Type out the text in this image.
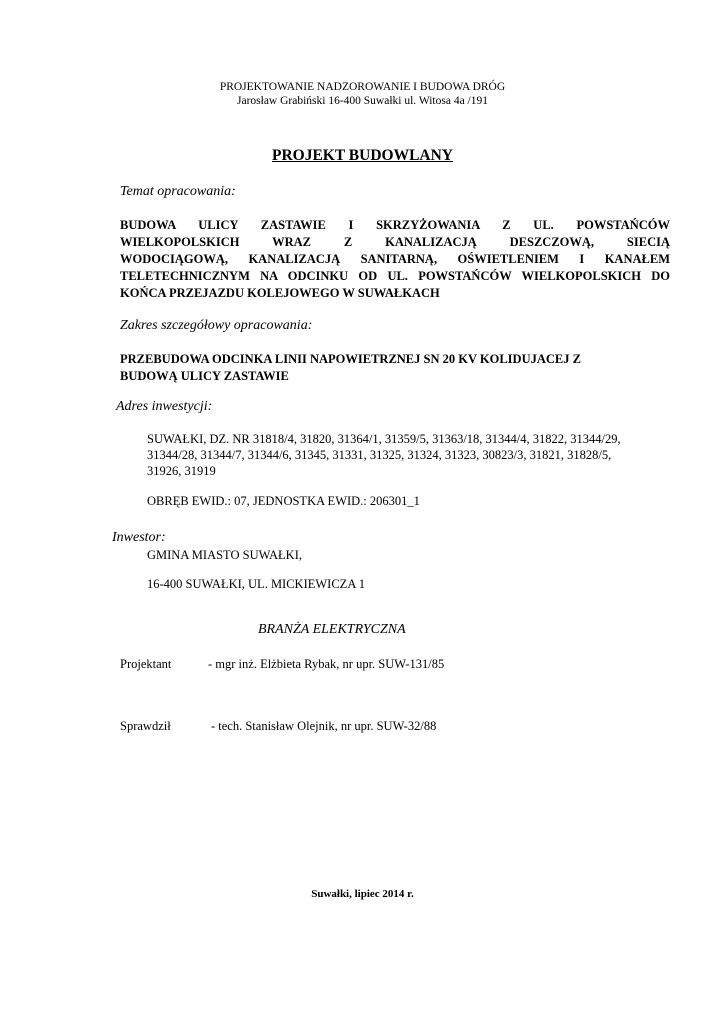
PROJEKTOWANIE NADZOROWANIE I BUDOWA DRÓG
Jarosław Grabiński 16-400 Suwałki ul. Witosa 4a /191
PROJEKT BUDOWLANY
Temat opracowania:
BUDOWA ULICY ZASTAWIE I SKRZYŻOWANIA Z UL. POWSTAŃCÓW
WIELKOPOLSKICH WRAZ Z KANALIZACJĄ DESZCZOWĄ, SIECIĄ
WODOCIĄGOWĄ, KANALIZACJĄ SANITARNĄ, OŚWIETLENIEM I KANAŁEM
TELETECHNICZNYM NA ODCINKU OD UL. POWSTAŃCÓW WIELKOPOLSKICH DO
KOŃCA PRZEJAZDU KOLEJOWEGO W SUWAŁKACH
Zakres szczegółowy opracowania:
PRZEBUDOWA ODCINKA LINII NAPOWIETRZNEJ SN 20 KV KOLIDUJACEJ Z
BUDOWĄ ULICY ZASTAWIE
Adres inwestycji:
SUWAŁKI, DZ. NR 31818/4, 31820, 31364/1, 31359/5, 31363/18, 31344/4, 31822, 31344/29,
31344/28, 31344/7, 31344/6, 31345, 31331, 31325, 31324, 31323, 30823/3, 31821, 31828/5,
31926, 31919
OBRĘB EWID.: 07, JEDNOSTKA EWID.: 206301_1
Inwestor:
GMINA MIASTO SUWAŁKI,
16-400 SUWAŁKI, UL. MICKIEWICZA 1
BRANŻA ELEKTRYCZNA
Projektant	- mgr inż. Elżbieta Rybak, nr upr. SUW-131/85
Sprawdził	- tech. Stanisław Olejnik, nr upr. SUW-32/88
Suwałki, lipiec 2014 r.
